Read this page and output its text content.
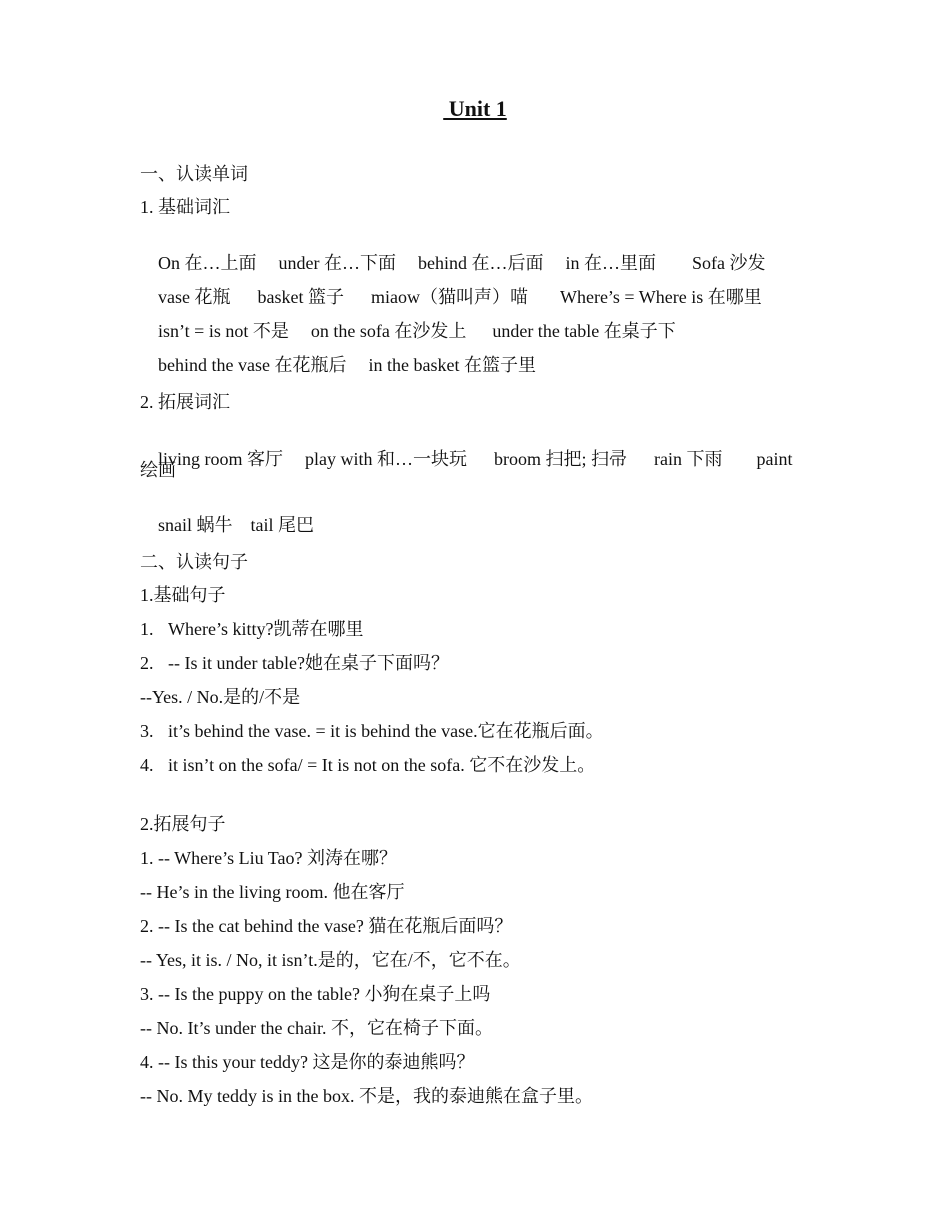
Unit 1
一、认读单词
1. 基础词汇

On 在…上面 under 在…下面 behind 在…后面 in 在…里面 Sofa 沙发

vase 花瓶 basket 篮子 miaow（猫叫声）喵 Where’s = Where is 在哪里

isn’t = is not 不是 on the sofa 在沙发上 under the table 在桌子下

behind the vase 在花瓶后 in the basket 在篮子里

2. 拓展词汇

living room 客厅 play with 和…一块玩 broom 扫把; 扫帚 rain 下雨 paint

绘画

snail 蜗牛 tail 尾巴

二、认读句子
1.基础句子
1. Where’s kitty?凯蒂在哪里
2. -- Is it under table?她在桌子下面吗？
--Yes. / No.是的/不是
3. it’s behind the vase. = it is behind the vase.它在花瓶后面。
4. it isn’t on the sofa/ = It is not on the sofa. 它不在沙发上。
2.拓展句子
1. -- Where’s Liu Tao? 刘涛在哪？
-- He’s in the living room. 他在客厅
2. -- Is the cat behind the vase? 猫在花瓶后面吗？
-- Yes, it is. / No, it isn’t.是的，它在/不，它不在。
3. -- Is the puppy on the table? 小狗在桌子上吗
-- No. It’s under the chair. 不，它在椅子下面。
4. -- Is this your teddy? 这是你的泰迪熊吗？
-- No. My teddy is in the box. 不是，我的泰迪熊在盒子里。
